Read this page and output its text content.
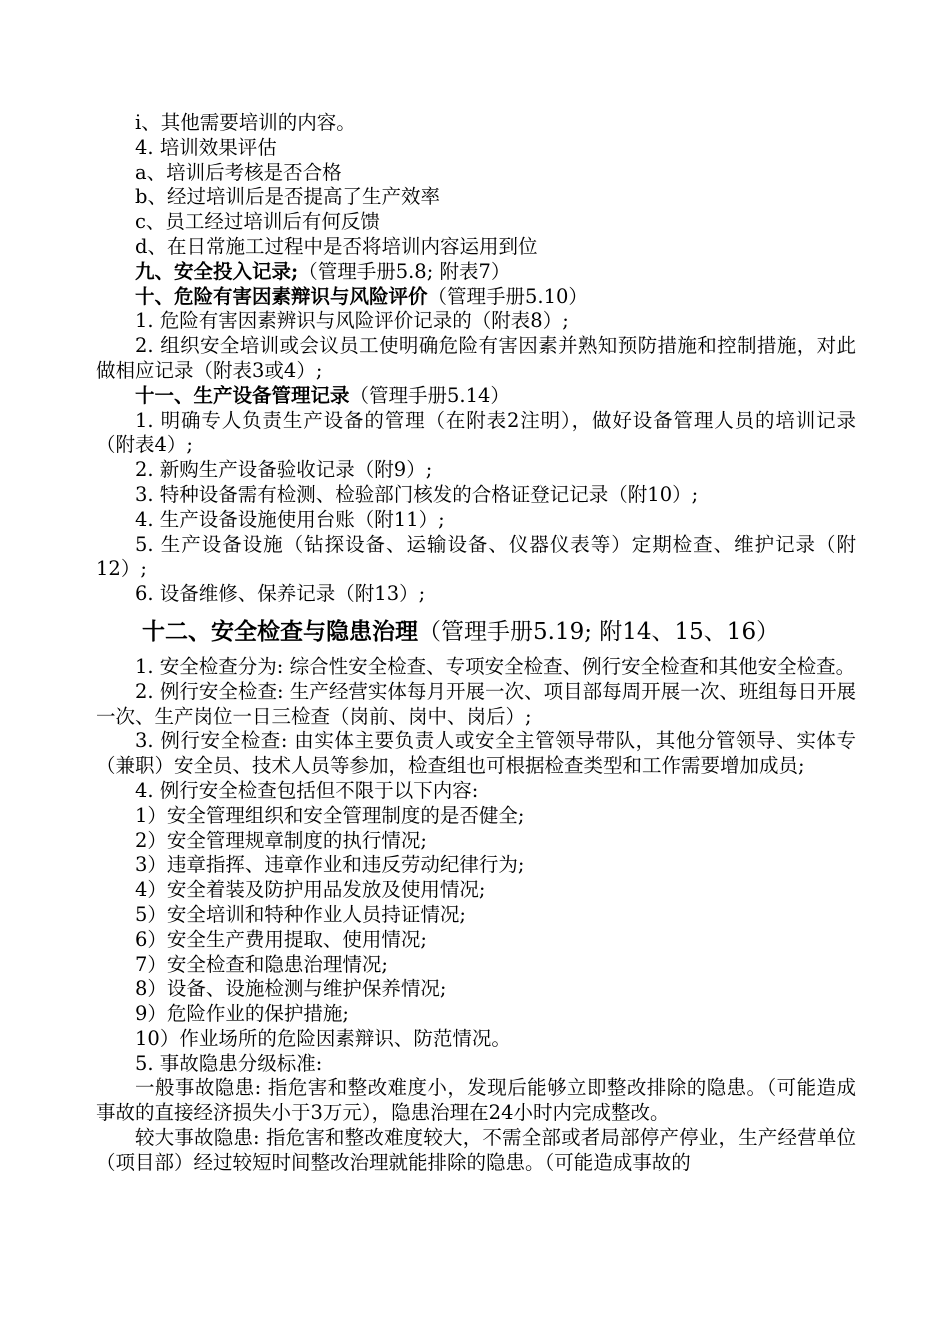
i、其他需要培训的内容。

4. 培训效果评估

a、培训后考核是否合格

b、经过培训后是否提高了生产效率

c、员工经过培训后有何反馈

d、在日常施工过程中是否将培训内容运用到位

九、安全投入记录;（管理手册5.8; 附表7）

十、危险有害因素辩识与风险评价（管理手册5.10）

1. 危险有害因素辨识与风险评价记录的（附表8）;

2. 组织安全培训或会议员工使明确危险有害因素并熟知预防措施和控制措施，对此做相应记录（附表3或4）;

十一、生产设备管理记录（管理手册5.14）

1. 明确专人负责生产设备的管理（在附表2注明），做好设备管理人员的培训记录（附表4）;

2. 新购生产设备验收记录（附9）;

3. 特种设备需有检测、检验部门核发的合格证登记记录（附10）;

4. 生产设备设施使用台账（附11）;

5. 生产设备设施（钻探设备、运输设备、仪器仪表等）定期检查、维护记录（附12）;

6. 设备维修、保养记录（附13）;

十二、安全检查与隐患治理（管理手册5.19; 附14、15、16）

1. 安全检查分为: 综合性安全检查、专项安全检查、例行安全检查和其他安全检查。

2. 例行安全检查: 生产经营实体每月开展一次、项目部每周开展一次、班组每日开展一次、生产岗位一日三检查（岗前、岗中、岗后）;

3. 例行安全检查: 由实体主要负责人或安全主管领导带队，其他分管领导、实体专（兼职）安全员、技术人员等参加，检查组也可根据检查类型和工作需要增加成员;

4. 例行安全检查包括但不限于以下内容:

1）安全管理组织和安全管理制度的是否健全;

2）安全管理规章制度的执行情况;

3）违章指挥、违章作业和违反劳动纪律行为;

4）安全着装及防护用品发放及使用情况;

5）安全培训和特种作业人员持证情况;

6）安全生产费用提取、使用情况;

7）安全检查和隐患治理情况;

8）设备、设施检测与维护保养情况;

9）危险作业的保护措施;

10）作业场所的危险因素辩识、防范情况。

5. 事故隐患分级标准:

一般事故隐患: 指危害和整改难度小，发现后能够立即整改排除的隐患。（可能造成事故的直接经济损失小于3万元），隐患治理在24小时内完成整改。

较大事故隐患: 指危害和整改难度较大，不需全部或者局部停产停业，生产经营单位（项目部）经过较短时间整改治理就能排除的隐患。（可能造成事故的
